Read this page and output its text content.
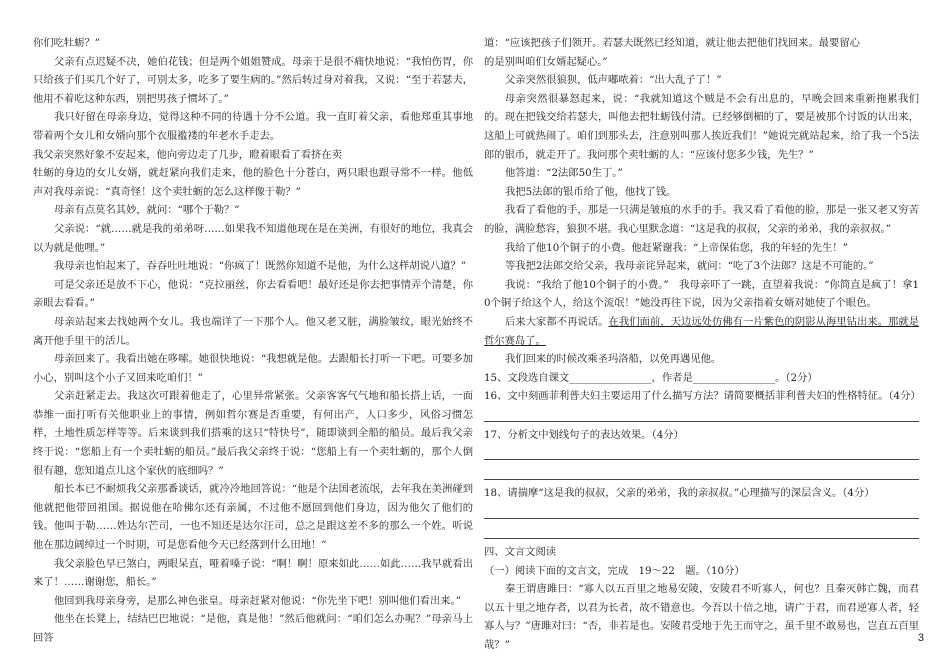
你们吃牡蛎？”

父亲有点迟疑不决，她伯花钱；但是两个姐姐赞成。母亲于是很不痛快地说：“我怕伤胃，你只给孩子们买几个好了，可别太多，吃多了要生病的。”然后转过身对着我，又说：“至于若瑟夫，他用不着吃这种东西，别把男孩子惯坏了。”

我只好留在母亲身边，觉得这种不同的待遇十分不公道。我一直盯着父亲，看他郑重其事地带着两个女儿和女婿向那个衣服褴褛的年老水手走去。

我父亲突然好象不安起来，他向旁边走了几步，瞪着眼看了看挤在卖

牡蛎的身边的女儿女婿，就赶紧向我们走来，他的脸色十分苍白，两只眼也跟寻常不一样。他低声对我母亲说：“真奇怪！这个卖牡蛎的怎么这样像于勒？”

母亲有点莫名其妙，就问：“哪个于勒？”

父亲说：“就……就是我的弟弟呀……如果我不知道他现在是在美洲，有很好的地位，我真会以为就是他哩。”

我母亲也怕起来了，吞吞吐吐地说：“你疯了！既然你知道不是他，为什么这样胡说八道？”

可是父亲还是放不下心，他说：“克拉丽丝，你去看看吧！最好还是你去把事情弄个清楚，你亲眼去看看。”

母亲站起来去找她两个女儿。我也端详了一下那个人。他又老又脏，满脸皱纹，眼光始终不离开他手里干的活儿。

母亲回来了。我看出她在哆嗦。她很快地说：“我想就是他。去跟船长打听一下吧。可要多加小心，别叫这个小子又回来吃咱们！”

父亲赶紧走去。我这次可跟着他走了，心里异常紧张。父亲客客气气地和船长搭上话，一面恭维一面打听有关他职业上的事情，例如哲尔赛是否重要，有何出产，人口多少，风俗习惯怎样，土地性质怎样等等。后来谈到我们搭乘的这只“特快号”，随即谈到全船的船员。最后我父亲终于说：“您船上有一个卖牡蛎的船员。”最后我父亲终于说：“您船上有一个卖牡蛎的，那个人倒很有趣，您知道点儿这个家伙的底细吗？”

船长本已不耐烦我父亲那番谈话，就冷冷地回答说：“他是个法国老流氓，去年我在美洲碰到他就把他带回祖国。据说他在哈佛尔还有亲属，不过他不愿回到他们身边，因为他欠了他们的钱。他叫于勒……姓达尔芒司，一也不知还是达尔汪司，总之是跟这差不多的那么一个姓。听说他在那边阔绰过一个时期，可是您看他今天已经落到什么田地！”

我父亲脸色早已煞白，两眼呆直，哑着嗓子说：“啊！啊！原来如此……如此……我早就看出来了！……谢谢您，船长。”

他回到我母亲身旁，是那么神色张皇。母亲赶紧对他说：“你先坐下吧！别叫他们看出来。”

他坐在长凳上，结结巴巴地说：“是他，真是他！”然后他就问：“咱们怎么办呢？”母亲马上回答

道：“应该把孩子们领开。若瑟夫既然已经知道，就让他去把他们找回来。最要留心

的是别叫咱们女婿起疑心。”

父亲突然很狼狈，低声嘟哝着：“出大乱子了！”

母亲突然很暴怒起来，说：“我就知道这个贼是不会有出息的，早晚会回来重新拖累我们的。现在把钱交给若瑟夫，叫他去把牡蛎钱付清。已经够倒楣的了，要是被那个讨饭的认出来，这船上可就热闹了。咱们到那头去，注意别叫那人挨近我们！”她说完就站起来，给了我一个5法郎的银币，就走开了。我问那个卖牡蛎的人：“应该付您多少钱，先生？”

他答道：“2法郎50生丁。”

我把5法郎的银币给了他，他找了钱。

我看了看他的手，那是一只满是皱痕的水手的手。我又看了看他的脸，那是一张又老又穷苦的脸，满脸愁容，狼狈不堪。我心里默念道：“这是我的叔叔，父亲的弟弟，我的亲叔叔。”

我给了他10个铜子的小费。他赶紧谢我：“上帝保佑您，我的年轻的先生！”

等我把2法郎交给父亲，我母亲诧异起来，就问：“吃了3个法郎？这是不可能的。”

我说：“我给了他10个铜子的小费。”　我母亲吓了一跳，直望着我说：“你简直是疯了！拿10个铜子给这个人，给这个流氓！”她没再往下说，因为父亲指着女婿对她使了个眼色。

后来大家都不再说话。在我们面前，天边远处仿佛有一片紫色的阴影从海里钻出来。那就是哲尔赛岛了。

我们回来的时候改乘圣玛洛船，以免再遇见他。

15、文段选自课文________________，作者是________________。（2分）

16、文中刻画菲利普夫妇主要运用了什么描写方法？请简要概括菲利普夫妇的性格特征。（4分）

17、分析文中划线句子的表达效果。（4分）

18、请揣摩“这是我的叔叔，父亲的弟弟，我的亲叔叔。”心理描写的深层含义。（4分）

四、文言文阅读

（一）阅读下面的文言文，完成　19～22　题。（10分）

秦王谓唐雎曰：“寡人以五百里之地易安陵，安陵君不听寡人，何也？且秦灭韩亡魏，而君以五十里之地存者，以君为长者，故不错意也。今吾以十倍之地，请广于君，而君逆寡人者，轻寡人与？”唐雎对曰：“否，非若是也。安陵君受地于先王而守之，虽千里不敢易也，岂直五百里哉？”

3
